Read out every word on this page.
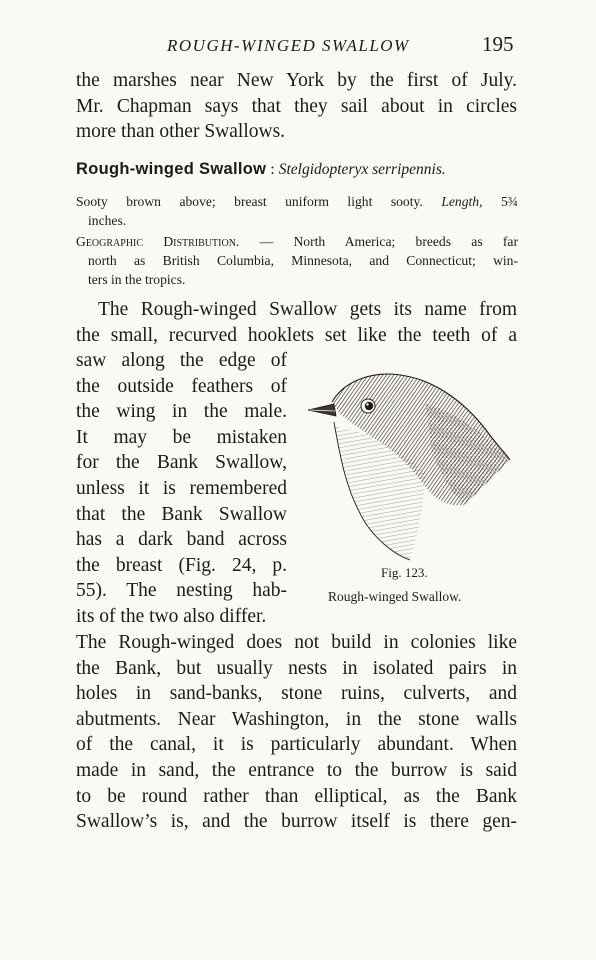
ROUGH-WINGED SWALLOW	195
the marshes near New York by the first of July.
Mr. Chapman says that they sail about in circles
more than other Swallows.
Rough-winged Swallow : Stelgidopteryx serripennis.
Sooty brown above; breast uniform light sooty. Length, 5¾
inches.
Geographic Distribution. — North America; breeds as far
north as British Columbia, Minnesota, and Connecticut; win-
ters in the tropics.
The Rough-winged Swallow gets its name from
the small, recurved hooklets set like the teeth of a
saw along the edge of
the outside feathers of
the wing in the male.
It may be mistaken
for the Bank Swallow,
unless it is remembered
that the Bank Swallow
has a dark band across
the breast (Fig. 24, p.
55). The nesting hab-
its of the two also differ.
The Rough-winged does not build in colonies like
the Bank, but usually nests in isolated pairs in
holes in sand-banks, stone ruins, culverts, and
abutments. Near Washington, in the stone walls
of the canal, it is particularly abundant. When
made in sand, the entrance to the burrow is said
to be round rather than elliptical, as the Bank
Swallow’s is, and the burrow itself is there gen-
Fig. 123.
Rough-winged Swallow.
